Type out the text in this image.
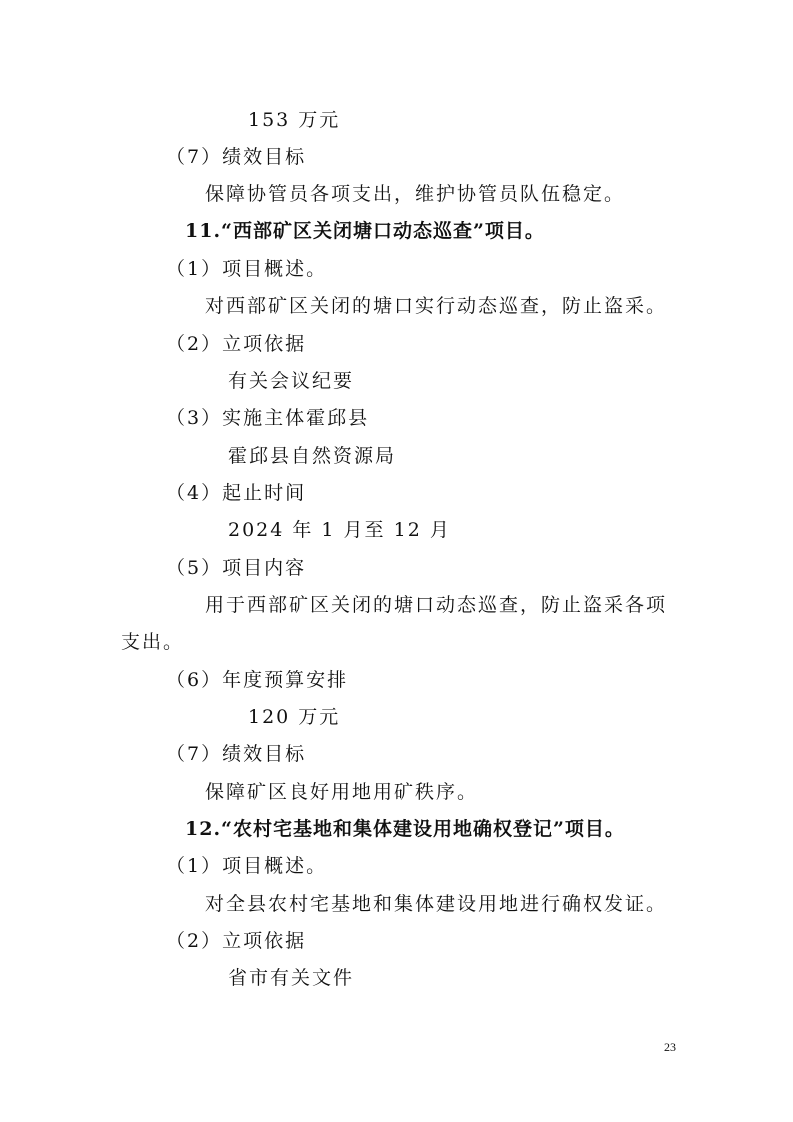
153 万元
（7）绩效目标
保障协管员各项支出，维护协管员队伍稳定。
11.“西部矿区关闭塘口动态巡查”项目。
（1）项目概述。
对西部矿区关闭的塘口实行动态巡查，防止盗采。
（2）立项依据
有关会议纪要
（3）实施主体霍邱县
霍邱县自然资源局
（4）起止时间
2024 年 1 月至 12 月
（5）项目内容
用于西部矿区关闭的塘口动态巡查，防止盗采各项
支出。
（6）年度预算安排
120 万元
（7）绩效目标
保障矿区良好用地用矿秩序。
12.“农村宅基地和集体建设用地确权登记”项目。
（1）项目概述。
对全县农村宅基地和集体建设用地进行确权发证。
（2）立项依据
省市有关文件
23
